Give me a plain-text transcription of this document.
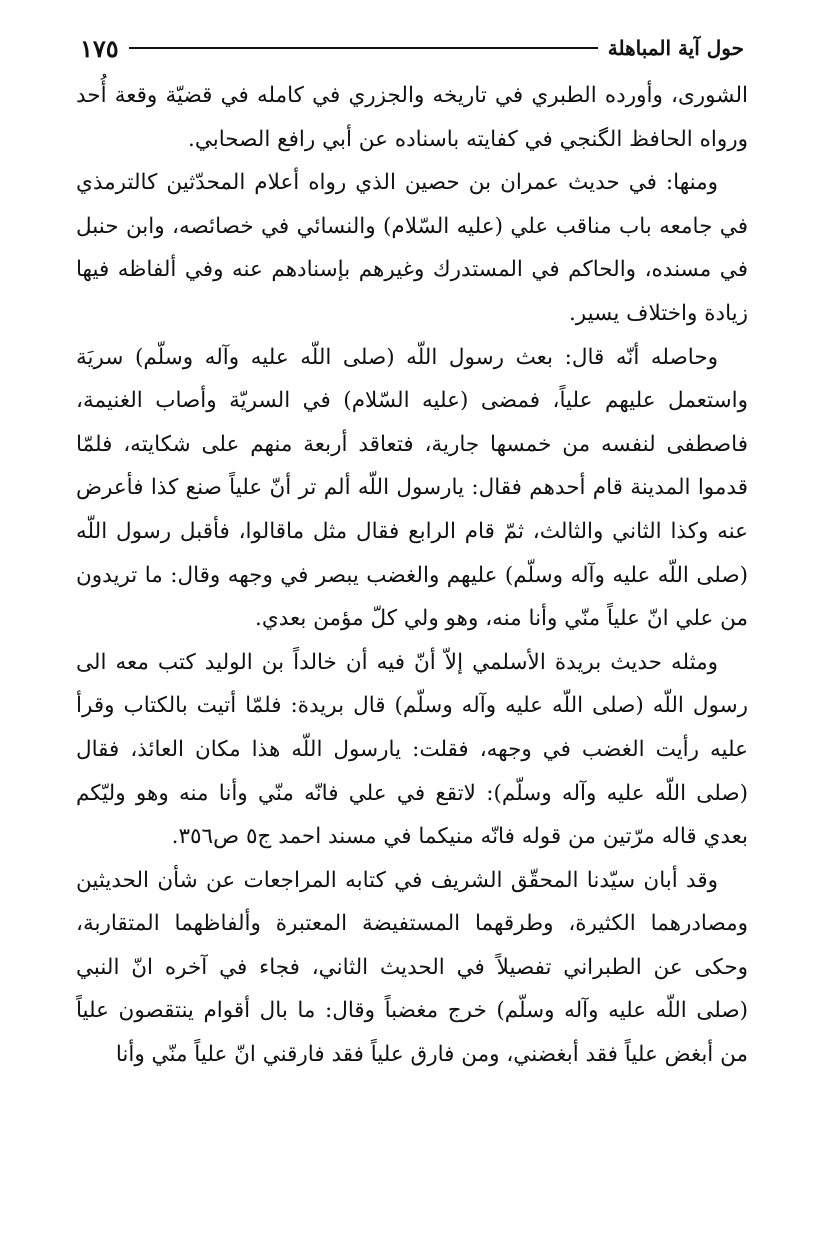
حول آية المباهلة
١٧٥

الشورى، وأورده الطبري في تاريخه والجزري في كامله في قضيّة وقعة أُحد ورواه الحافظ الگنجي في كفايته باسناده عن أبي رافع الصحابي.

ومنها: في حديث عمران بن حصين الذي رواه أعلام المحدّثين كالترمذي في جامعه باب مناقب علي (عليه السّلام) والنسائي في خصائصه، وابن حنبل في مسنده، والحاكم في المستدرك وغيرهم بإسنادهم عنه وفي ألفاظه فيها زيادة واختلاف يسير.

وحاصله أنّه قال: بعث رسول اللّه (صلى اللّه عليه وآله وسلّم) سريَة واستعمل عليهم علياً، فمضى (عليه السّلام) في السريّة وأصاب الغنيمة، فاصطفى لنفسه من خمسها جارية، فتعاقد أربعة منهم على شكايته، فلمّا قدموا المدينة قام أحدهم فقال: يارسول اللّه ألم تر أنّ علياً صنع كذا فأعرض عنه وكذا الثاني والثالث، ثمّ قام الرابع فقال مثل ماقالوا، فأقبل رسول اللّه (صلى اللّه عليه وآله وسلّم) عليهم والغضب يبصر في وجهه وقال: ما تريدون من علي انّ علياً منّي وأنا منه، وهو ولي كلّ مؤمن بعدي.

ومثله حديث بريدة الأسلمي إلاّ أنّ فيه أن خالداً بن الوليد كتب معه الى رسول اللّه (صلى اللّه عليه وآله وسلّم) قال بريدة: فلمّا أتيت بالكتاب وقرأ عليه رأيت الغضب في وجهه، فقلت: يارسول اللّه هذا مكان العائذ، فقال (صلى اللّه عليه وآله وسلّم): لاتقع في علي فانّه منّي وأنا منه وهو وليّكم بعدي قاله مرّتين من قوله فانّه منيكما في مسند احمد ج٥ ص٣٥٦.

وقد أبان سيّدنا المحقّق الشريف في كتابه المراجعات عن شأن الحديثين ومصادرهما الكثيرة، وطرقهما المستفيضة المعتبرة وألفاظهما المتقاربة، وحكى عن الطبراني تفصيلاً في الحديث الثاني، فجاء في آخره انّ النبي (صلى اللّه عليه وآله وسلّم) خرج مغضباً وقال: ما بال أقوام ينتقصون علياً من أبغض علياً فقد أبغضني، ومن فارق علياً فقد فارقني انّ علياً منّي وأنا
